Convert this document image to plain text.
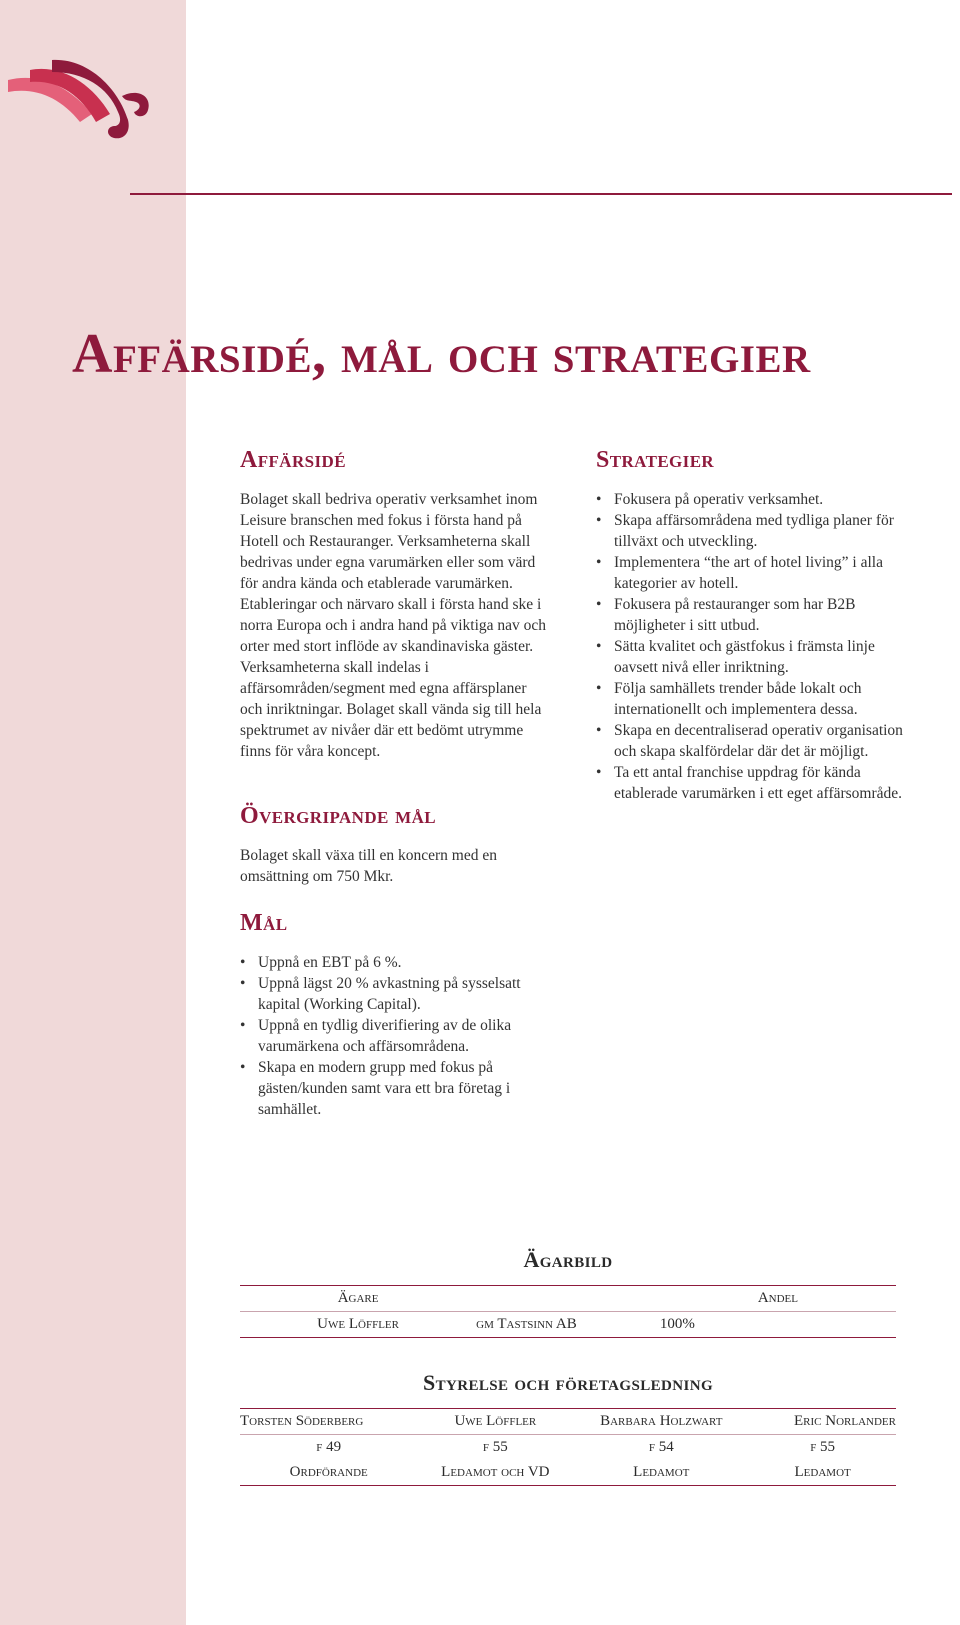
Affärsidé, mål och strategier
Affärsidé

Bolaget skall bedriva operativ verksamhet inom Leisure branschen med fokus i första hand på Hotell och Restauranger. Verksamheterna skall bedrivas under egna varumärken eller som värd för andra kända och etablerade varumärken. Etableringar och närvaro skall i första hand ske i norra Europa och i andra hand på viktiga nav och orter med stort inflöde av skandinaviska gäster. Verksamheterna skall indelas i affärsområden/segment med egna affärsplaner och inriktningar. Bolaget skall vända sig till hela spektrumet av nivåer där ett bedömt utrymme finns för våra koncept.

Övergripande mål

Bolaget skall växa till en koncern med en omsättning om 750 Mkr.

Mål
• Uppnå en EBT på 6 %.
• Uppnå lägst 20 % avkastning på sysselsatt kapital (Working Capital).
• Uppnå en tydlig diverifiering av de olika varumärkena och affärsområdena.
• Skapa en modern grupp med fokus på gästen/kunden samt vara ett bra företag i samhället.
Strategier
• Fokusera på operativ verksamhet.
• Skapa affärsområdena med tydliga planer för tillväxt och utveckling.
• Implementera “the art of hotel living” i alla kategorier av hotell.
• Fokusera på restauranger som har B2B möjligheter i sitt utbud.
• Sätta kvalitet och gästfokus i främsta linje oavsett nivå eller inriktning.
• Följa samhällets trender både lokalt och internationellt och implementera dessa.
• Skapa en decentraliserad operativ organisation och skapa skalfördelar där det är möjligt.
• Ta ett antal franchise uppdrag för kända etablerade varumärken i ett eget affärsområde.
Ägarbild

Ägare		Andel

Uwe Löffler	gm Tastsinn AB	100%

Styrelse och företagsledning

Torsten Söderberg	Uwe Löffler	Barbara Holzwart	Eric Norlander

f 49	f 55	f 54	f 55
Ordförande	Ledamot och VD	Ledamot	Ledamot
